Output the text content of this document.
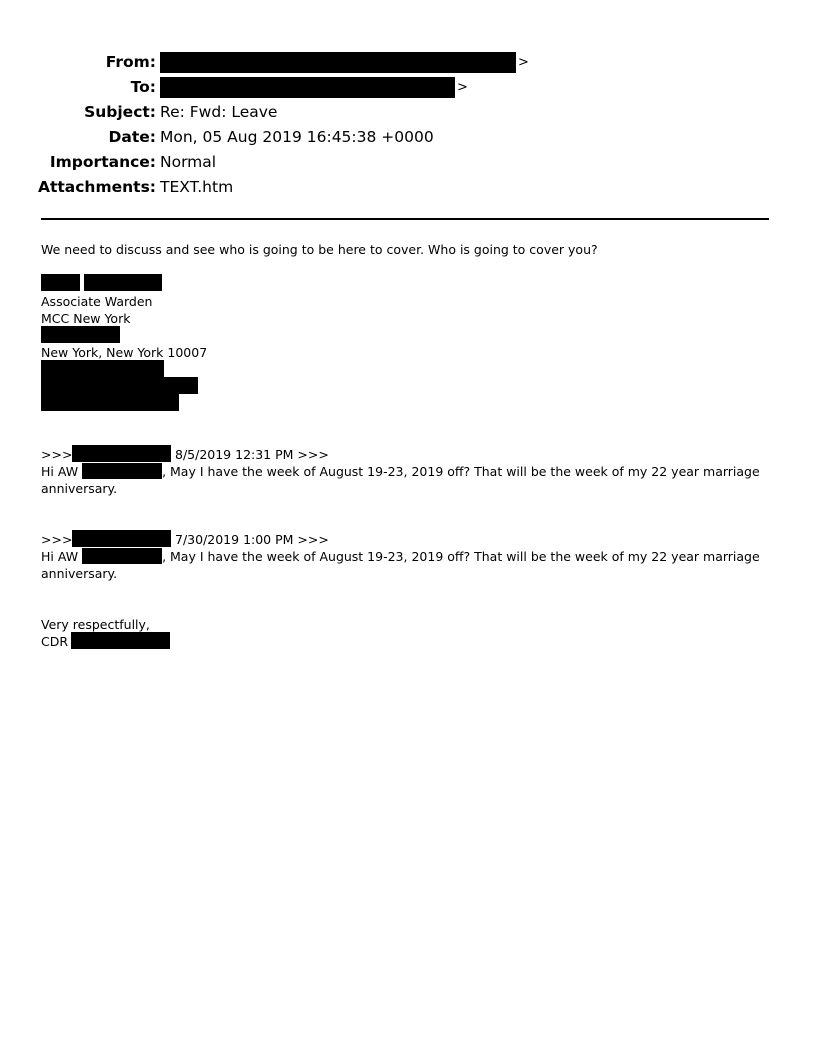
From:	>
To:	>
Subject: Re: Fwd: Leave
Date: Mon, 05 Aug 2019 16:45:38 +0000
Importance: Normal
Attachments: TEXT.htm

We need to discuss and see who is going to be here to cover. Who is going to cover you?

Associate Warden

MCC New York

New York, New York 10007

>>>	8/5/2019 12:31 PM >>>
Hi AW	, May I have the week of August 19-23, 2019 off? That will be the week of my 22 year marriage anniversary.
>>>	7/30/2019 1:00 PM >>>
Hi AW	, May I have the week of August 19-23, 2019 off? That will be the week of my 22 year marriage anniversary.

Very respectfully,

CDR
